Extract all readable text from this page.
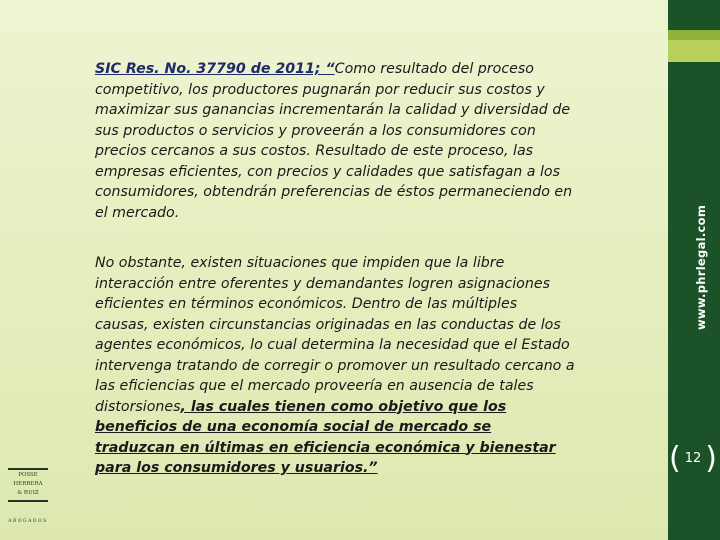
SIC Res. No. 37790 de 2011; “Como resultado del proceso competitivo, los productores pugnarán por reducir sus costos y maximizar sus ganancias incrementarán la calidad y diversidad de sus productos o servicios y proveerán a los consumidores con precios cercanos a sus costos. Resultado de este proceso, las empresas eficientes, con precios y calidades que satisfagan a los consumidores, obtendrán preferencias de éstos permaneciendo en el mercado.
No obstante, existen situaciones que impiden que la libre interacción entre oferentes y demandantes logren asignaciones eficientes en términos económicos. Dentro de las múltiples causas, existen circunstancias originadas en las conductas de los agentes económicos, lo cual determina la necesidad que el Estado intervenga tratando de corregir o promover un resultado cercano a las eficiencias que el mercado proveería en ausencia de tales distorsiones, las cuales tienen como objetivo que los beneficios de una economía social de mercado se traduzcan en últimas en eficiencia económica y bienestar para los consumidores y usuarios.”
POSSE
HERRERA
& RUIZ
ABOGADOS
www.phrlegal.com
( 12 )
